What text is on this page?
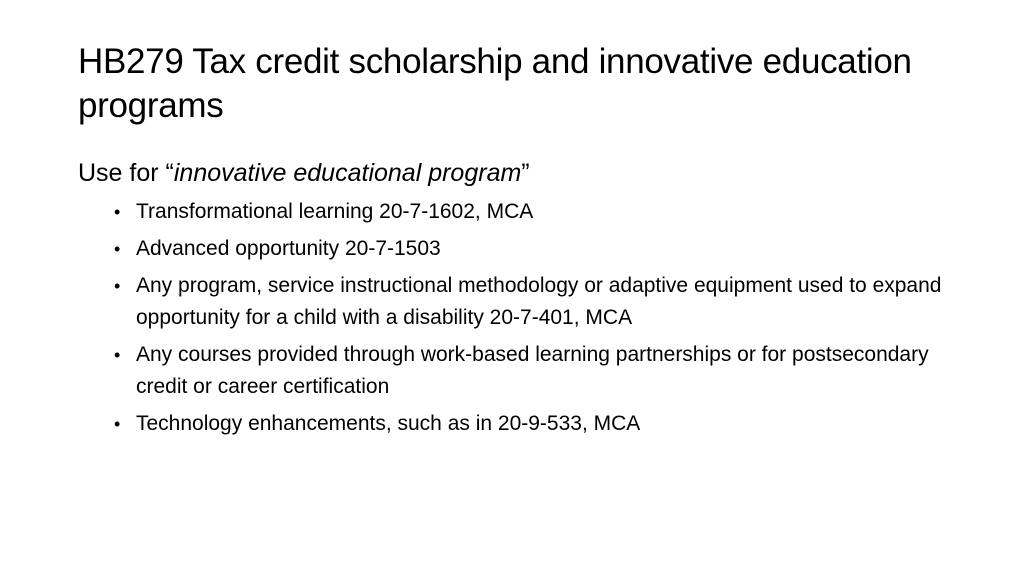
HB279 Tax credit scholarship and innovative education programs

Use for “innovative educational program”

• Transformational learning 20-7-1602, MCA
• Advanced opportunity 20-7-1503
• Any program, service instructional methodology or adaptive equipment used to expand opportunity for a child with a disability 20-7-401, MCA
• Any courses provided through work-based learning partnerships or for postsecondary credit or career certification
• Technology enhancements, such as in 20-9-533, MCA
